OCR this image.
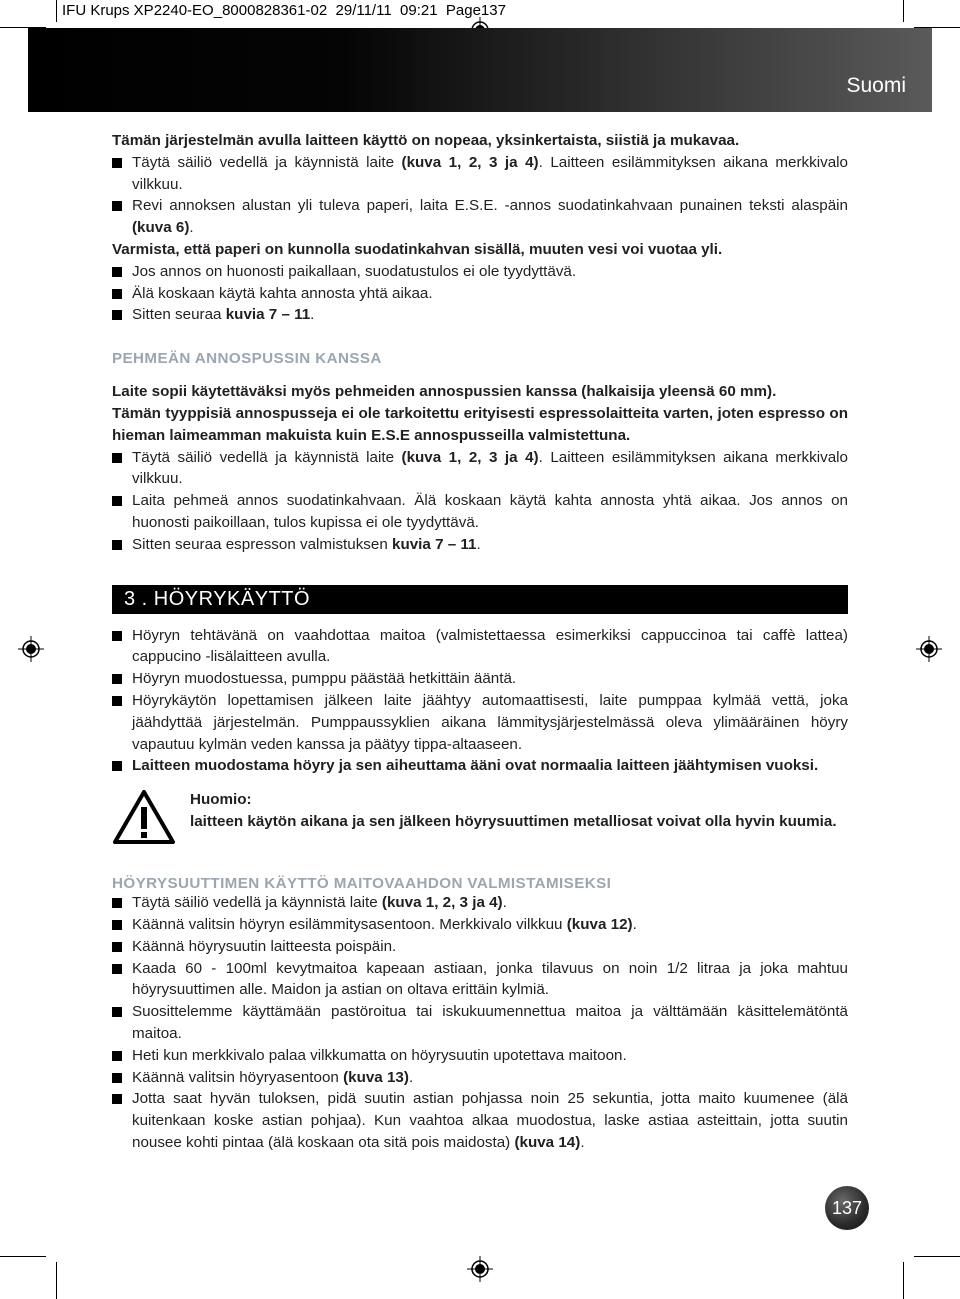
IFU Krups XP2240-EO_8000828361-02  29/11/11  09:21  Page137
Suomi

Tämän järjestelmän avulla laitteen käyttö on nopeaa, yksinkertaista, siistiä ja mukavaa.

Täytä säiliö vedellä ja käynnistä laite (kuva 1, 2, 3 ja 4). Laitteen esilämmityksen aikana merkkivalo vilkkuu.
Revi annoksen alustan yli tuleva paperi, laita E.S.E. -annos suodatinkahvaan punainen teksti alaspäin (kuva 6).

Varmista, että paperi on kunnolla suodatinkahvan sisällä, muuten vesi voi vuotaa yli.

Jos annos on huonosti paikallaan, suodatustulos ei ole tyydyttävä.
Älä koskaan käytä kahta annosta yhtä aikaa.
Sitten seuraa kuvia 7 – 11.

PEHMEÄN ANNOSPUSSIN KANSSA

Laite sopii käytettäväksi myös pehmeiden annospussien kanssa (halkaisija yleensä 60 mm).

Tämän tyyppisiä annospusseja ei ole tarkoitettu erityisesti espressolaitteita varten, joten espresso on hieman laimeamman makuista kuin E.S.E annospusseilla valmistettuna.

Täytä säiliö vedellä ja käynnistä laite (kuva 1, 2, 3 ja 4). Laitteen esilämmityksen aikana merkkivalo vilkkuu.
Laita pehmeä annos suodatinkahvaan. Älä koskaan käytä kahta annosta yhtä aikaa. Jos annos on huonosti paikoillaan, tulos kupissa ei ole tyydyttävä.
Sitten seuraa espresson valmistuksen kuvia 7 – 11.
3 . HÖYRYKÄYTTÖ
Höyryn tehtävänä on vaahdottaa maitoa (valmistettaessa esimerkiksi cappuccinoa tai caffè lattea) cappucino -lisälaitteen avulla.
Höyryn muodostuessa, pumppu päästää hetkittäin ääntä.
Höyrykäytön lopettamisen jälkeen laite jäähtyy automaattisesti, laite pumppaa kylmää vettä, joka jäähdyttää järjestelmän. Pumppaussyklien aikana lämmitysjärjestelmässä oleva ylimääräinen höyry vapautuu kylmän veden kanssa ja päätyy tippa-altaaseen.
Laitteen muodostama höyry ja sen aiheuttama ääni ovat normaalia laitteen jäähtymisen vuoksi.
Huomio:
laitteen käytön aikana ja sen jälkeen höyrysuuttimen metalliosat voivat olla hyvin kuumia.

HÖYRYSUUTTIMEN KÄYTTÖ MAITOVAAHDON VALMISTAMISEKSI

Täytä säiliö vedellä ja käynnistä laite (kuva 1, 2, 3 ja 4).
Käännä valitsin höyryn esilämmitysasentoon. Merkkivalo vilkkuu (kuva 12).
Käännä höyrysuutin laitteesta poispäin.
Kaada 60 - 100ml kevytmaitoa kapeaan astiaan, jonka tilavuus on noin 1/2 litraa ja joka mahtuu höyrysuuttimen alle. Maidon ja astian on oltava erittäin kylmiä.
Suosittelemme käyttämään pastöroitua tai iskukuumennettua maitoa ja välttämään käsittelemätöntä maitoa.
Heti kun merkkivalo palaa vilkkumatta on höyrysuutin upotettava maitoon.
Käännä valitsin höyryasentoon (kuva 13).
Jotta saat hyvän tuloksen, pidä suutin astian pohjassa noin 25 sekuntia, jotta maito kuumenee (älä kuitenkaan koske astian pohjaa). Kun vaahtoa alkaa muodostua, laske astiaa asteittain, jotta suutin nousee kohti pintaa (älä koskaan ota sitä pois maidosta) (kuva 14).
137
